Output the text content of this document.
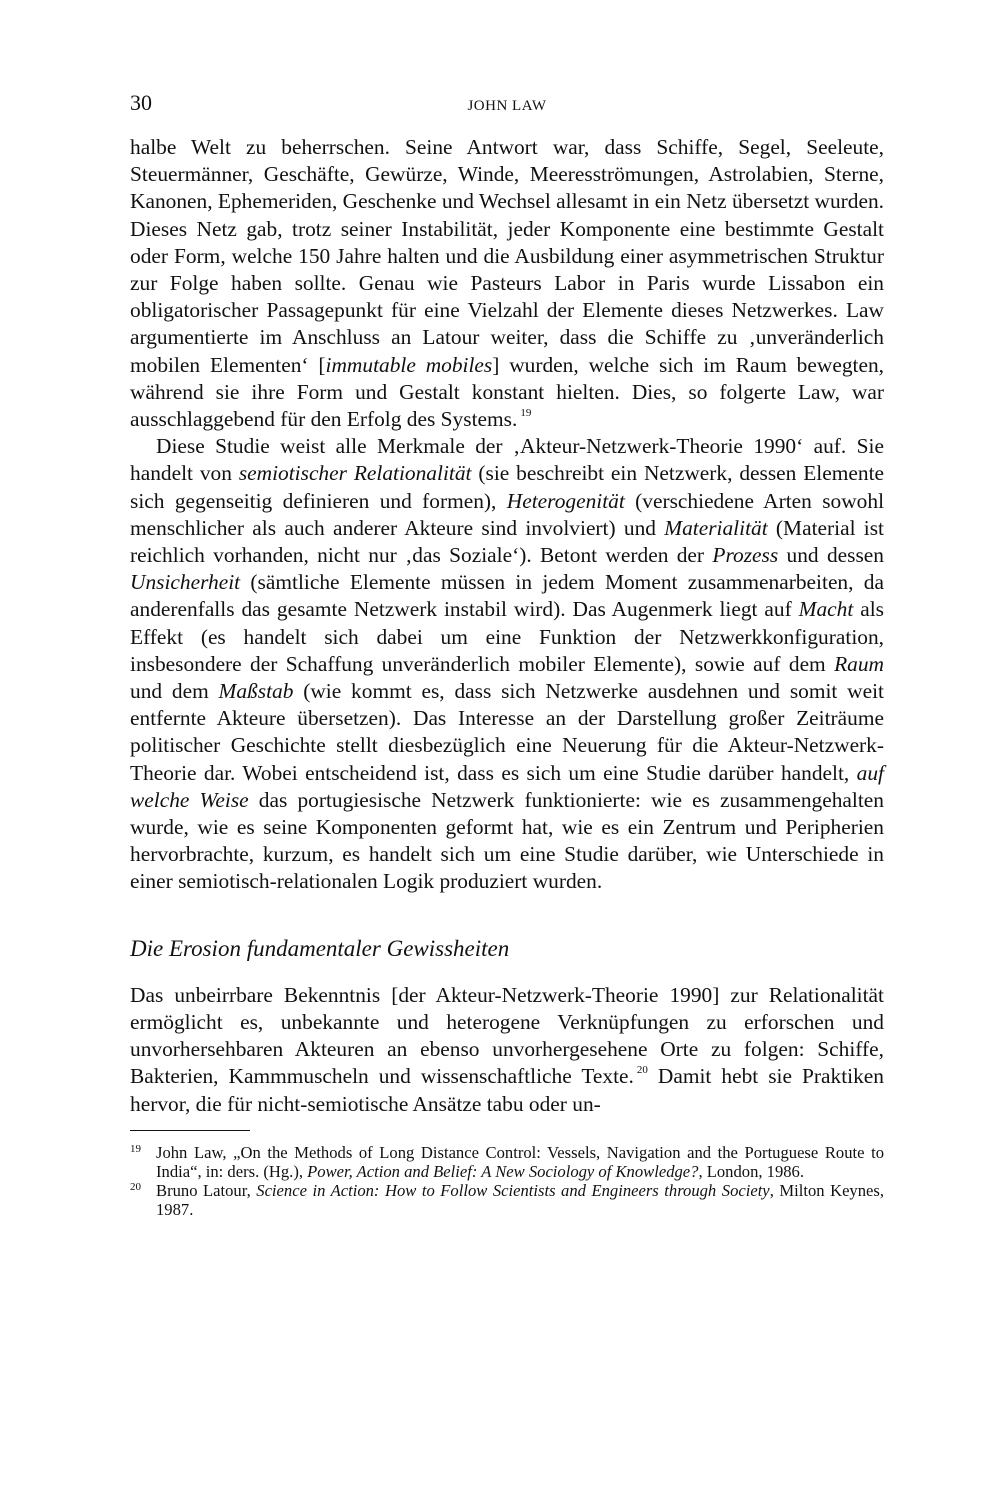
30	JOHN LAW

halbe Welt zu beherrschen. Seine Antwort war, dass Schiffe, Segel, Seeleute, Steuermänner, Geschäfte, Gewürze, Winde, Meeresströmungen, Astrolabien, Sterne, Kanonen, Ephemeriden, Geschenke und Wechsel allesamt in ein Netz übersetzt wurden. Dieses Netz gab, trotz seiner Instabilität, jeder Komponente eine bestimmte Gestalt oder Form, welche 150 Jahre halten und die Ausbildung einer asymmetrischen Struktur zur Folge haben sollte. Genau wie Pasteurs Labor in Paris wurde Lissabon ein obligatorischer Passagepunkt für eine Vielzahl der Elemente dieses Netzwerkes. Law argumentierte im Anschluss an Latour weiter, dass die Schiffe zu ‚unveränderlich mobilen Elementen‘ [immutable mobiles] wurden, welche sich im Raum bewegten, während sie ihre Form und Gestalt konstant hielten. Dies, so folgerte Law, war ausschlaggebend für den Erfolg des Systems. $^{19}$

Diese Studie weist alle Merkmale der ‚Akteur-Netzwerk-Theorie 1990‘ auf. Sie handelt von semiotischer Relationalität (sie beschreibt ein Netzwerk, dessen Elemente sich gegenseitig definieren und formen), Heterogenität (verschiedene Arten sowohl menschlicher als auch anderer Akteure sind involviert) und Materialität (Material ist reichlich vorhanden, nicht nur ‚das Soziale‘). Betont werden der Prozess und dessen Unsicherheit (sämtliche Elemente müssen in jedem Moment zusammenarbeiten, da anderenfalls das gesamte Netzwerk instabil wird). Das Augenmerk liegt auf Macht als Effekt (es handelt sich dabei um eine Funktion der Netzwerkkonfiguration, insbesondere der Schaffung unveränderlich mobiler Elemente), sowie auf dem Raum und dem Maßstab (wie kommt es, dass sich Netzwerke ausdehnen und somit weit entfernte Akteure übersetzen). Das Interesse an der Darstellung großer Zeiträume politischer Geschichte stellt diesbezüglich eine Neuerung für die Akteur-Netzwerk-Theorie dar. Wobei entscheidend ist, dass es sich um eine Studie darüber handelt, auf welche Weise das portugiesische Netzwerk funktionierte: wie es zusammengehalten wurde, wie es seine Komponenten geformt hat, wie es ein Zentrum und Peripherien hervorbrachte, kurzum, es handelt sich um eine Studie darüber, wie Unterschiede in einer semiotisch-relationalen Logik produziert wurden.

Die Erosion fundamentaler Gewissheiten

Das unbeirrbare Bekenntnis [der Akteur-Netzwerk-Theorie 1990] zur Relationalität ermöglicht es, unbekannte und heterogene Verknüpfungen zu erforschen und unvorhersehbaren Akteuren an ebenso unvorhergesehene Orte zu folgen: Schiffe, Bakterien, Kammmuscheln und wissenschaftliche Texte. $^{20}$ Damit hebt sie Praktiken hervor, die für nicht-semiotische Ansätze tabu oder un-

19 John Law, „On the Methods of Long Distance Control: Vessels, Navigation and the Portuguese Route to India“, in: ders. (Hg.), Power, Action and Belief: A New Sociology of Knowledge?, London, 1986.

20 Bruno Latour, Science in Action: How to Follow Scientists and Engineers through Society, Milton Keynes, 1987.
